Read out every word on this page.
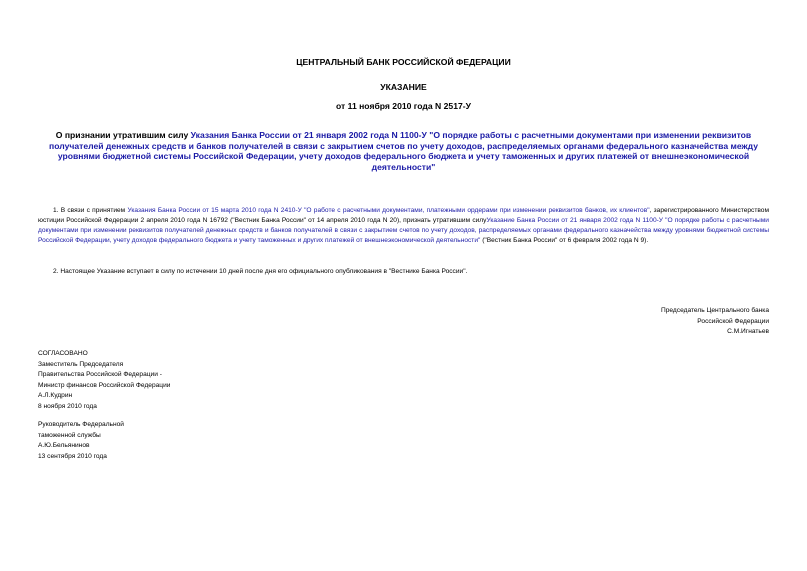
ЦЕНТРАЛЬНЫЙ БАНК РОССИЙСКОЙ ФЕДЕРАЦИИ
УКАЗАНИЕ
от 11 ноября 2010 года N 2517-У
О признании утратившим силу Указания Банка России от 21 января 2002 года N 1100-У "О порядке работы с расчетными документами при изменении реквизитов получателей денежных средств и банков получателей в связи с закрытием счетов по учету доходов, распределяемых органами федерального казначейства между уровнями бюджетной системы Российской Федерации, учету доходов федерального бюджета и учету таможенных и других платежей от внешнеэкономической деятельности"
1. В связи с принятием Указания Банка России от 15 марта 2010 года N 2410-У "О работе с расчетными документами, платежными ордерами при изменении реквизитов банков, их клиентов", зарегистрированного Министерством юстиции Российской Федерации 2 апреля 2010 года N 16792 ("Вестник Банка России" от 14 апреля 2010 года N 20), признать утратившим силуУказание Банка России от 21 января 2002 года N 1100-У "О порядке работы с расчетными документами при изменении реквизитов получателей денежных средств и банков получателей в связи с закрытием счетов по учету доходов, распределяемых органами федерального казначейства между уровнями бюджетной системы Российской Федерации, учету доходов федерального бюджета и учету таможенных и других платежей от внешнеэкономической деятельности" ("Вестник Банка России" от 6 февраля 2002 года N 9).
2. Настоящее Указание вступает в силу по истечении 10 дней после дня его официального опубликования в "Вестнике Банка России".
Председатель Центрального банка
Российской Федерации
С.М.Игнатьев
СОГЛАСОВАНО
Заместитель Председателя
Правительства Российской Федерации -
Министр финансов Российской Федерации
А.Л.Кудрин
8 ноября 2010 года
Руководитель Федеральной
таможенной службы
А.Ю.Бельянинов
13 сентября 2010 года
